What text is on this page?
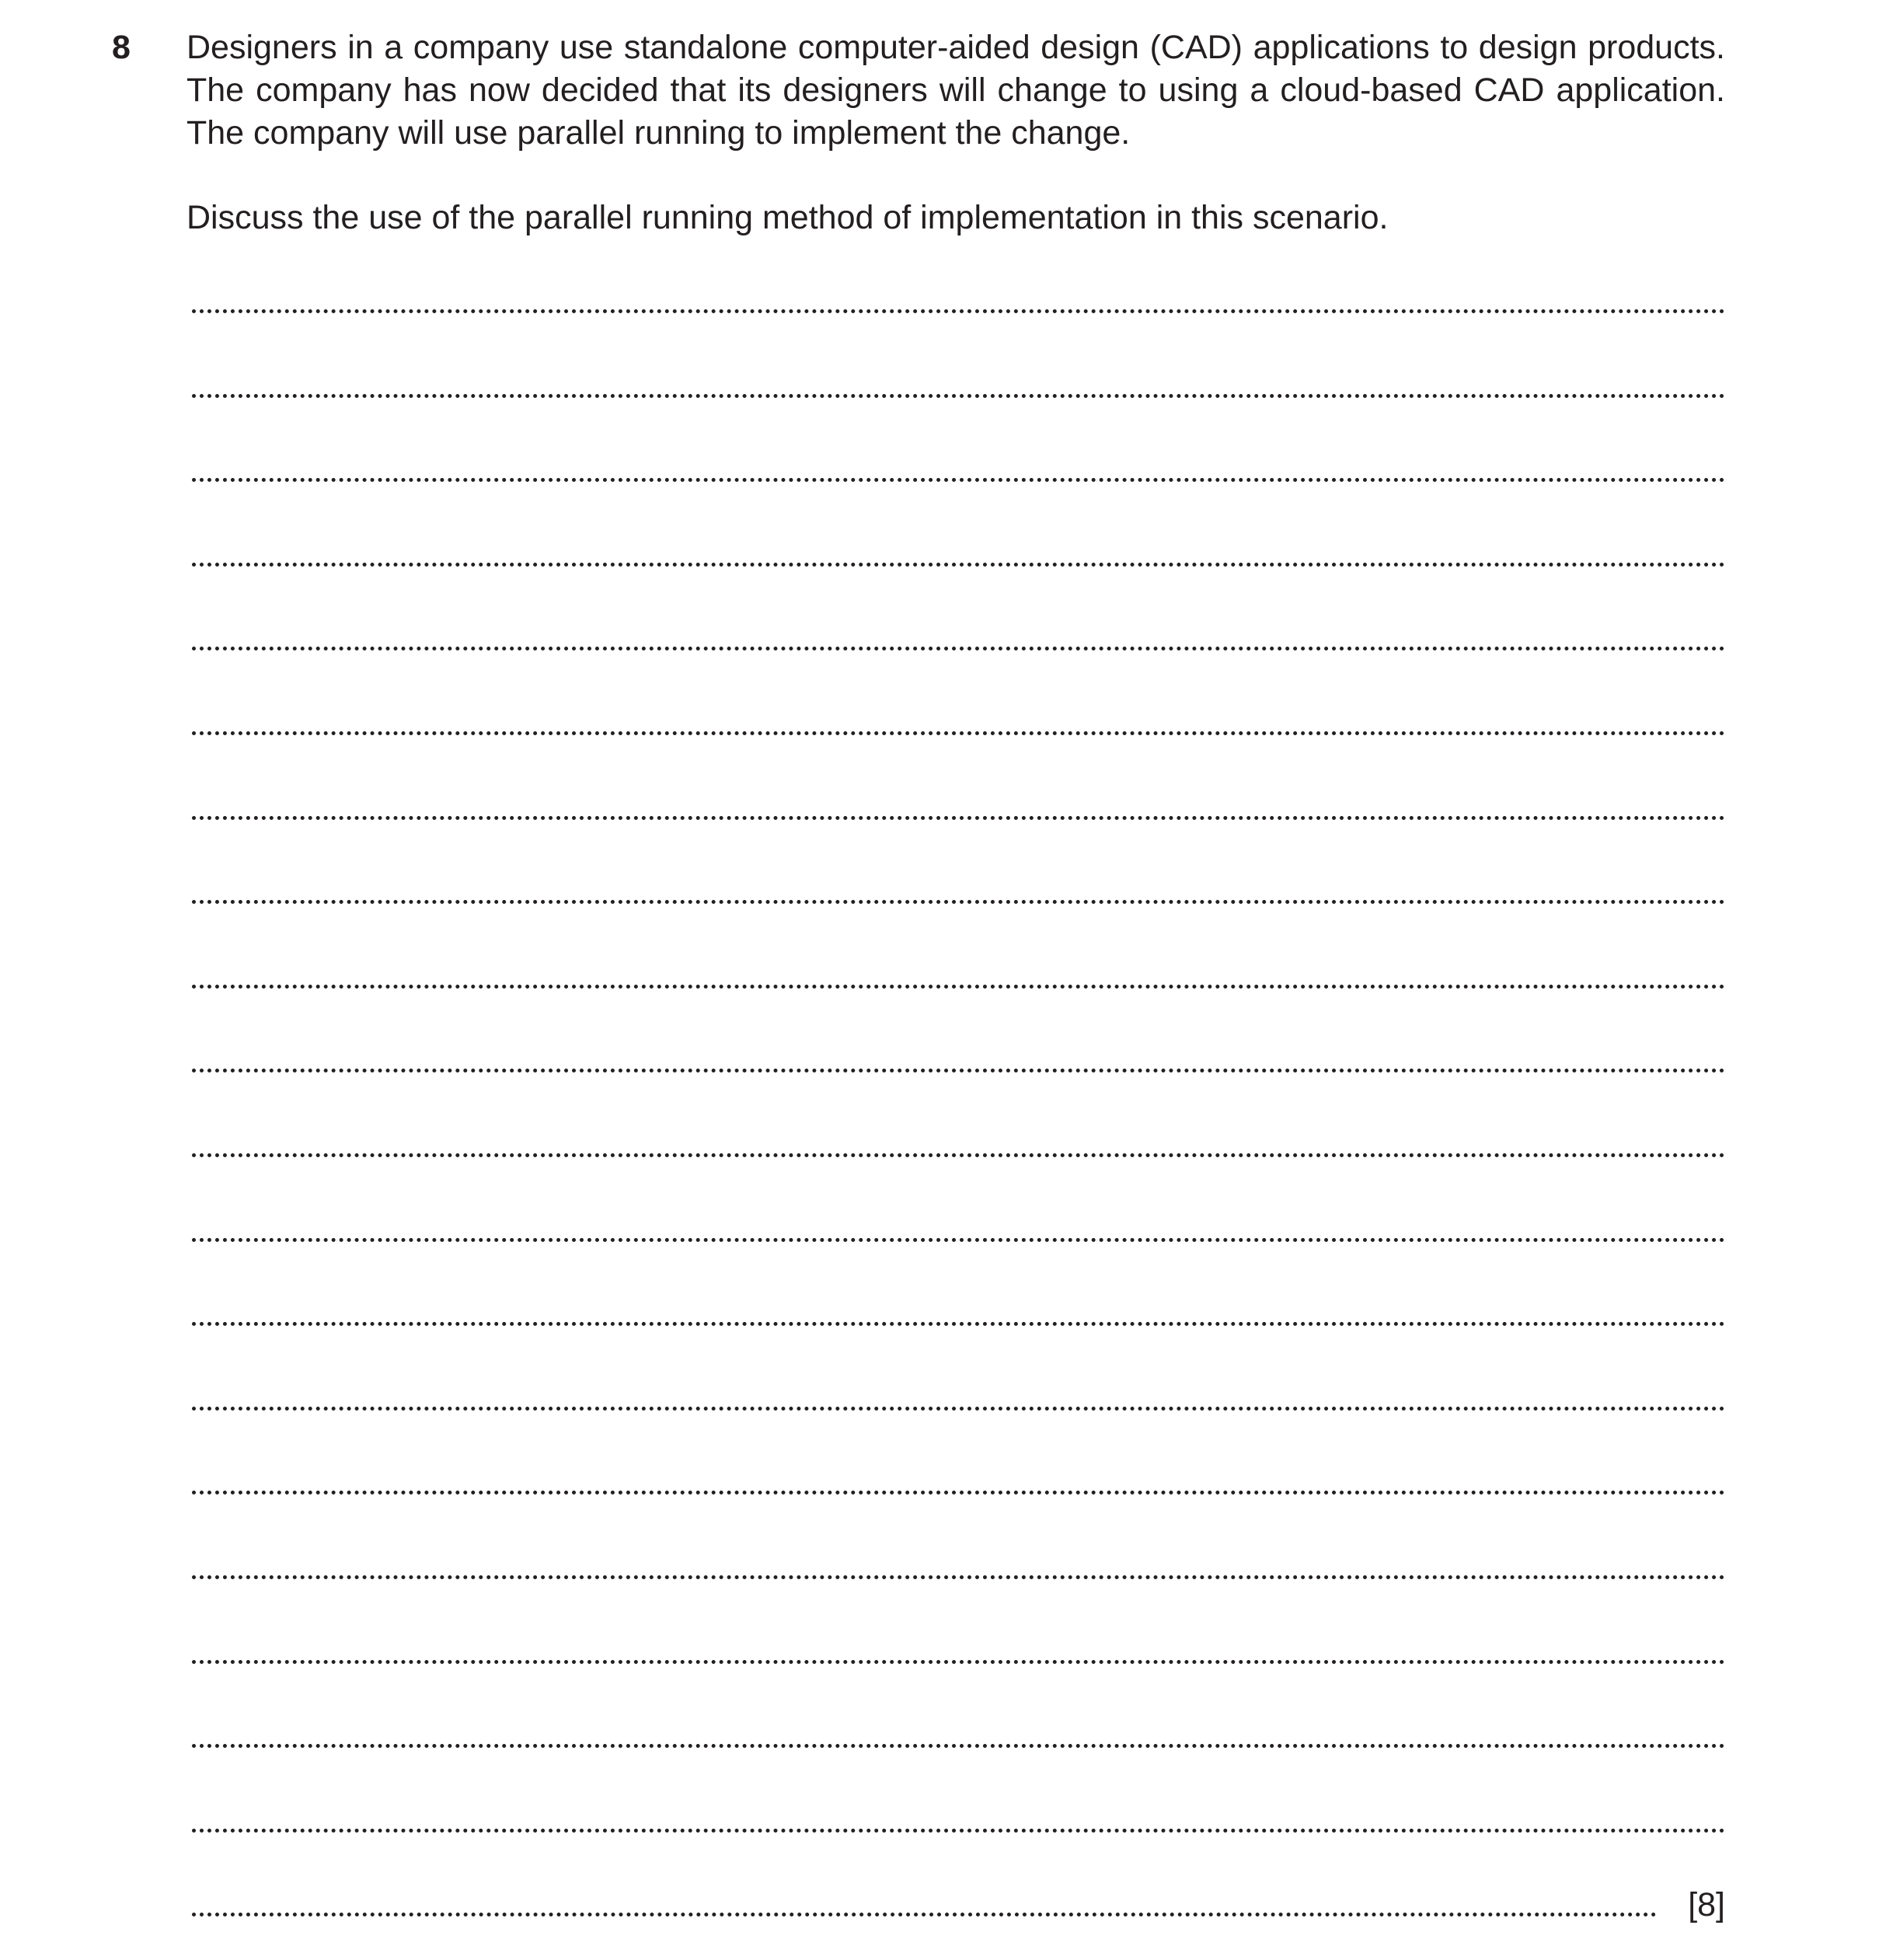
8 Designers in a company use standalone computer-aided design (CAD) applications to design products. The company has now decided that its designers will change to using a cloud-based CAD application. The company will use parallel running to implement the change.

Discuss the use of the parallel running method of implementation in this scenario.

[8]
